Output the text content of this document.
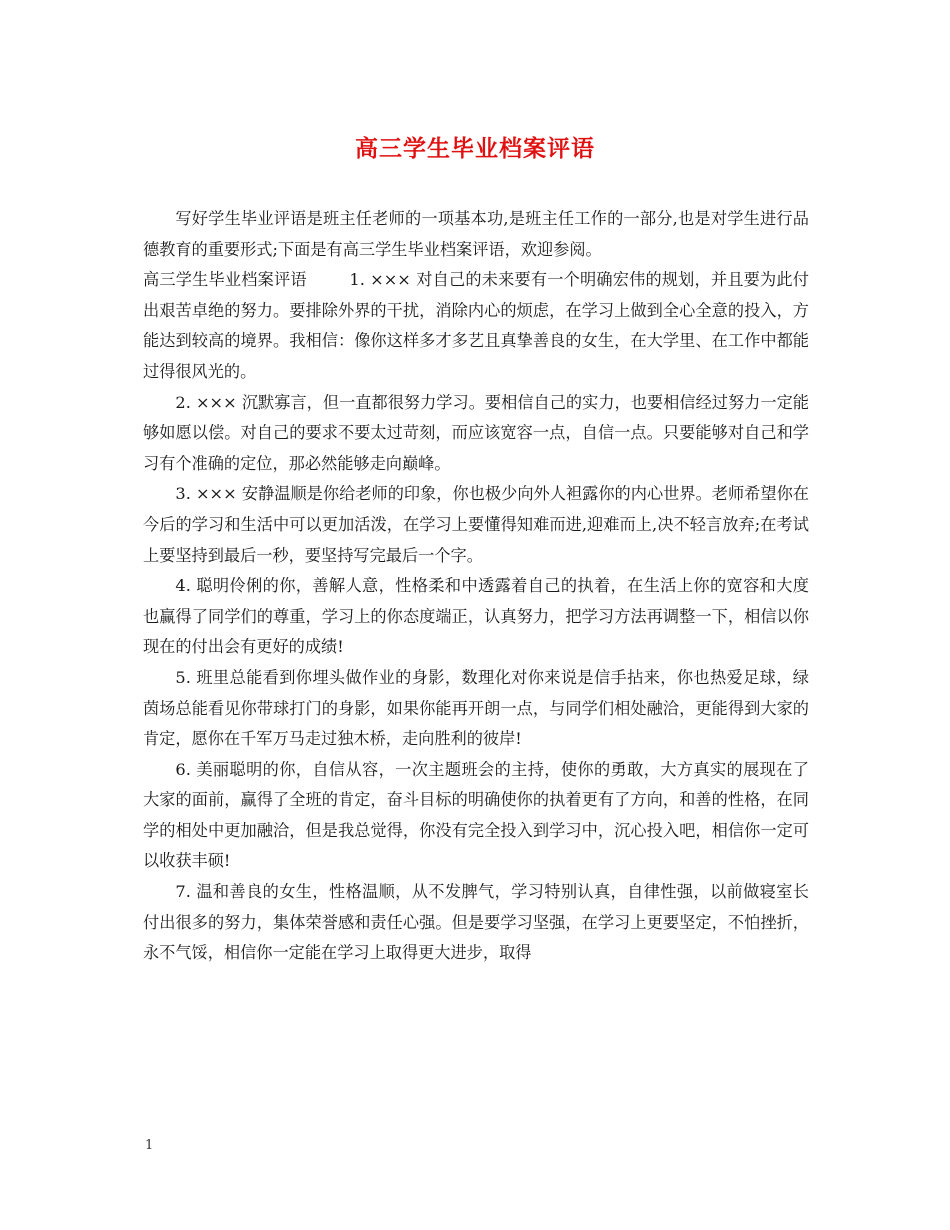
高三学生毕业档案评语

写好学生毕业评语是班主任老师的一项基本功,是班主任工作的一部分,也是对学生进行品德教育的重要形式;下面是有高三学生毕业档案评语，欢迎参阅。

高三学生毕业档案评语	1. ××× 对自己的未来要有一个明确宏伟的规划，并且要为此付出艰苦卓绝的努力。要排除外界的干扰，消除内心的烦虑，在学习上做到全心全意的投入，方能达到较高的境界。我相信：像你这样多才多艺且真挚善良的女生，在大学里、在工作中都能过得很风光的。

2. ××× 沉默寡言，但一直都很努力学习。要相信自己的实力，也要相信经过努力一定能够如愿以偿。对自己的要求不要太过苛刻，而应该宽容一点，自信一点。只要能够对自己和学习有个准确的定位，那必然能够走向巅峰。

3. ××× 安静温顺是你给老师的印象，你也极少向外人袒露你的内心世界。老师希望你在今后的学习和生活中可以更加活泼，在学习上要懂得知难而进,迎难而上,决不轻言放弃;在考试上要坚持到最后一秒，要坚持写完最后一个字。

4. 聪明伶俐的你，善解人意，性格柔和中透露着自己的执着，在生活上你的宽容和大度也赢得了同学们的尊重，学习上的你态度端正，认真努力，把学习方法再调整一下，相信以你现在的付出会有更好的成绩!

5. 班里总能看到你埋头做作业的身影，数理化对你来说是信手拈来，你也热爱足球，绿茵场总能看见你带球打门的身影，如果你能再开朗一点，与同学们相处融洽，更能得到大家的肯定，愿你在千军万马走过独木桥，走向胜利的彼岸!

6. 美丽聪明的你，自信从容，一次主题班会的主持，使你的勇敢，大方真实的展现在了大家的面前，赢得了全班的肯定，奋斗目标的明确使你的执着更有了方向，和善的性格，在同学的相处中更加融洽，但是我总觉得，你没有完全投入到学习中，沉心投入吧，相信你一定可以收获丰硕!

7. 温和善良的女生，性格温顺，从不发脾气，学习特别认真，自律性强，以前做寝室长付出很多的努力，集体荣誉感和责任心强。但是要学习坚强，在学习上更要坚定，不怕挫折，永不气馁，相信你一定能在学习上取得更大进步，取得

1
